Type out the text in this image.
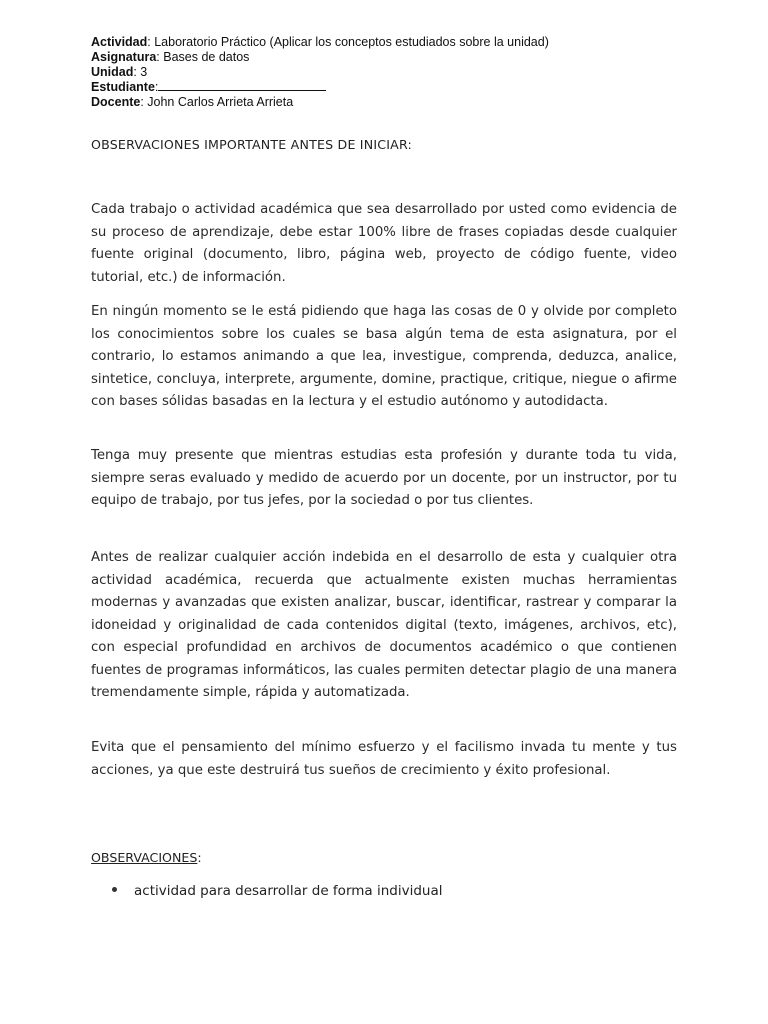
Actividad: Laboratorio Práctico (Aplicar los conceptos estudiados sobre la unidad)
Asignatura: Bases de datos
Unidad: 3
Estudiante:
Docente: John Carlos Arrieta Arrieta
OBSERVACIONES IMPORTANTE ANTES DE INICIAR:

Cada trabajo o actividad académica que sea desarrollado por usted como evidencia de su proceso de aprendizaje, debe estar 100% libre de frases copiadas desde cualquier fuente original (documento, libro, página web, proyecto de código fuente, video tutorial, etc.) de información.

En ningún momento se le está pidiendo que haga las cosas de 0 y olvide por completo los conocimientos sobre los cuales se basa algún tema de esta asignatura, por el contrario, lo estamos animando a que lea, investigue, comprenda, deduzca, analice, sintetice, concluya, interprete, argumente, domine, practique, critique, niegue o afirme con bases sólidas basadas en la lectura y el estudio autónomo y autodidacta.

Tenga muy presente que mientras estudias esta profesión y durante toda tu vida, siempre seras evaluado y medido de acuerdo por un docente, por un instructor, por tu equipo de trabajo, por tus jefes, por la sociedad o por tus clientes.

Antes de realizar cualquier acción indebida en el desarrollo de esta y cualquier otra actividad académica, recuerda que actualmente existen muchas herramientas modernas y avanzadas que existen analizar, buscar, identificar, rastrear y comparar la idoneidad y originalidad de cada contenidos digital (texto, imágenes, archivos, etc), con especial profundidad en archivos de documentos académico o que contienen fuentes de programas informáticos, las cuales permiten detectar plagio de una manera tremendamente simple, rápida y automatizada.

Evita que el pensamiento del mínimo esfuerzo y el facilismo invada tu mente y tus acciones, ya que este destruirá tus sueños de crecimiento y éxito profesional.

OBSERVACIONES:
actividad para desarrollar de forma individual
